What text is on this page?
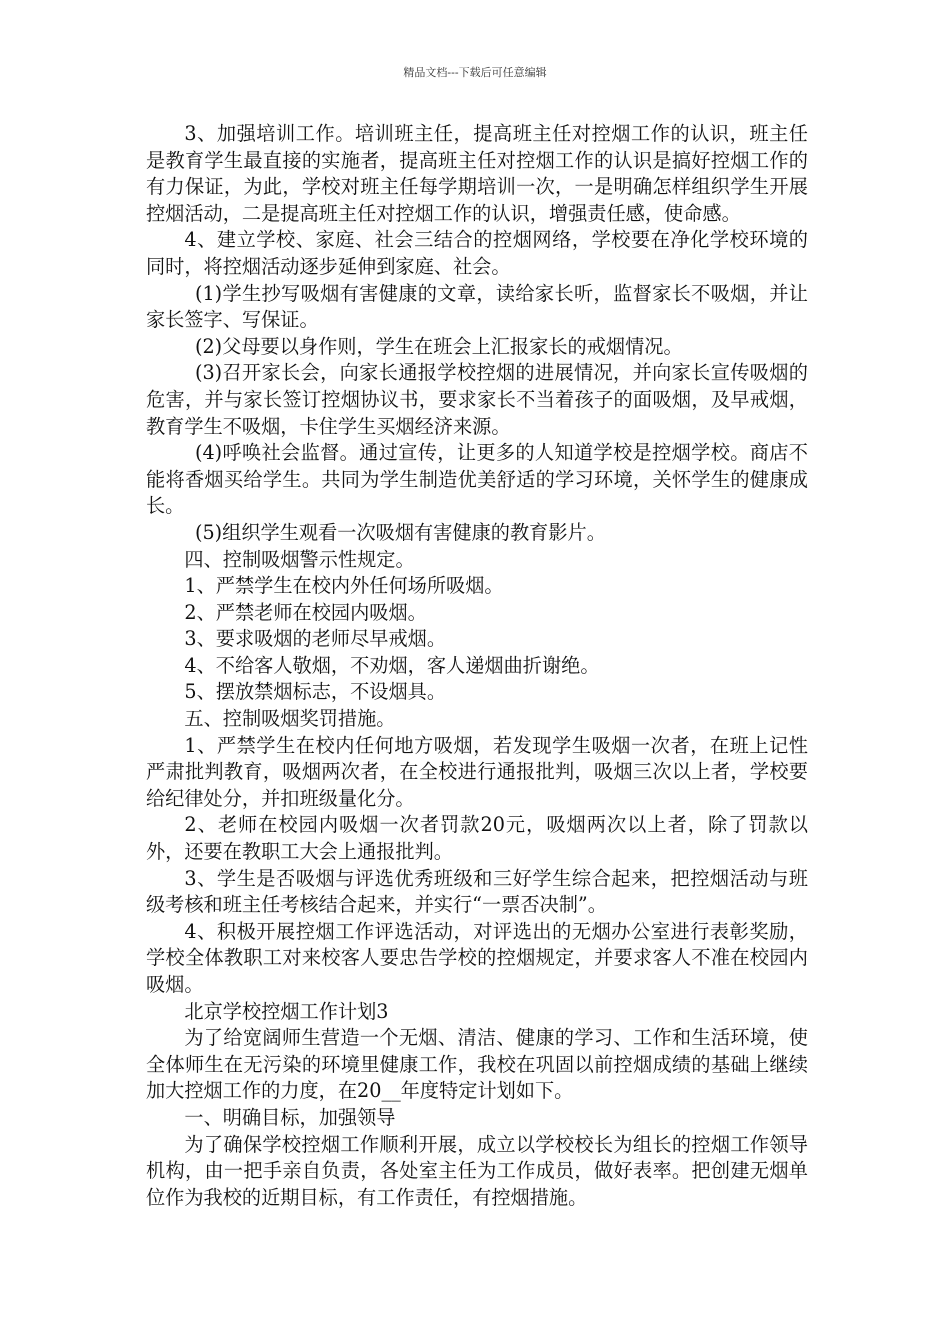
精品文档---下载后可任意编辑

3、加强培训工作。培训班主任，提高班主任对控烟工作的认识，班主任是教育学生最直接的实施者，提高班主任对控烟工作的认识是搞好控烟工作的有力保证，为此，学校对班主任每学期培训一次，一是明确怎样组织学生开展控烟活动，二是提高班主任对控烟工作的认识，增强责任感，使命感。

4、建立学校、家庭、社会三结合的控烟网络，学校要在净化学校环境的同时，将控烟活动逐步延伸到家庭、社会。

(1)学生抄写吸烟有害健康的文章，读给家长听，监督家长不吸烟，并让家长签字、写保证。

(2)父母要以身作则，学生在班会上汇报家长的戒烟情况。

(3)召开家长会，向家长通报学校控烟的进展情况，并向家长宣传吸烟的危害，并与家长签订控烟协议书，要求家长不当着孩子的面吸烟，及早戒烟，教育学生不吸烟，卡住学生买烟经济来源。

(4)呼唤社会监督。通过宣传，让更多的人知道学校是控烟学校。商店不能将香烟买给学生。共同为学生制造优美舒适的学习环境，关怀学生的健康成长。

(5)组织学生观看一次吸烟有害健康的教育影片。

四、控制吸烟警示性规定。

1、严禁学生在校内外任何场所吸烟。

2、严禁老师在校园内吸烟。

3、要求吸烟的老师尽早戒烟。

4、不给客人敬烟，不劝烟，客人递烟曲折谢绝。

5、摆放禁烟标志，不设烟具。

五、控制吸烟奖罚措施。

1、严禁学生在校内任何地方吸烟，若发现学生吸烟一次者，在班上记性严肃批判教育，吸烟两次者，在全校进行通报批判，吸烟三次以上者，学校要给纪律处分，并扣班级量化分。

2、老师在校园内吸烟一次者罚款20元，吸烟两次以上者，除了罚款以外，还要在教职工大会上通报批判。

3、学生是否吸烟与评选优秀班级和三好学生综合起来，把控烟活动与班级考核和班主任考核结合起来，并实行“一票否决制”。

4、积极开展控烟工作评选活动，对评选出的无烟办公室进行表彰奖励，学校全体教职工对来校客人要忠告学校的控烟规定，并要求客人不准在校园内吸烟。

北京学校控烟工作计划3

为了给宽阔师生营造一个无烟、清洁、健康的学习、工作和生活环境，使全体师生在无污染的环境里健康工作，我校在巩固以前控烟成绩的基础上继续加大控烟工作的力度，在20__年度特定计划如下。

一、明确目标，加强领导

为了确保学校控烟工作顺利开展，成立以学校校长为组长的控烟工作领导机构，由一把手亲自负责，各处室主任为工作成员，做好表率。把创建无烟单位作为我校的近期目标，有工作责任，有控烟措施。
